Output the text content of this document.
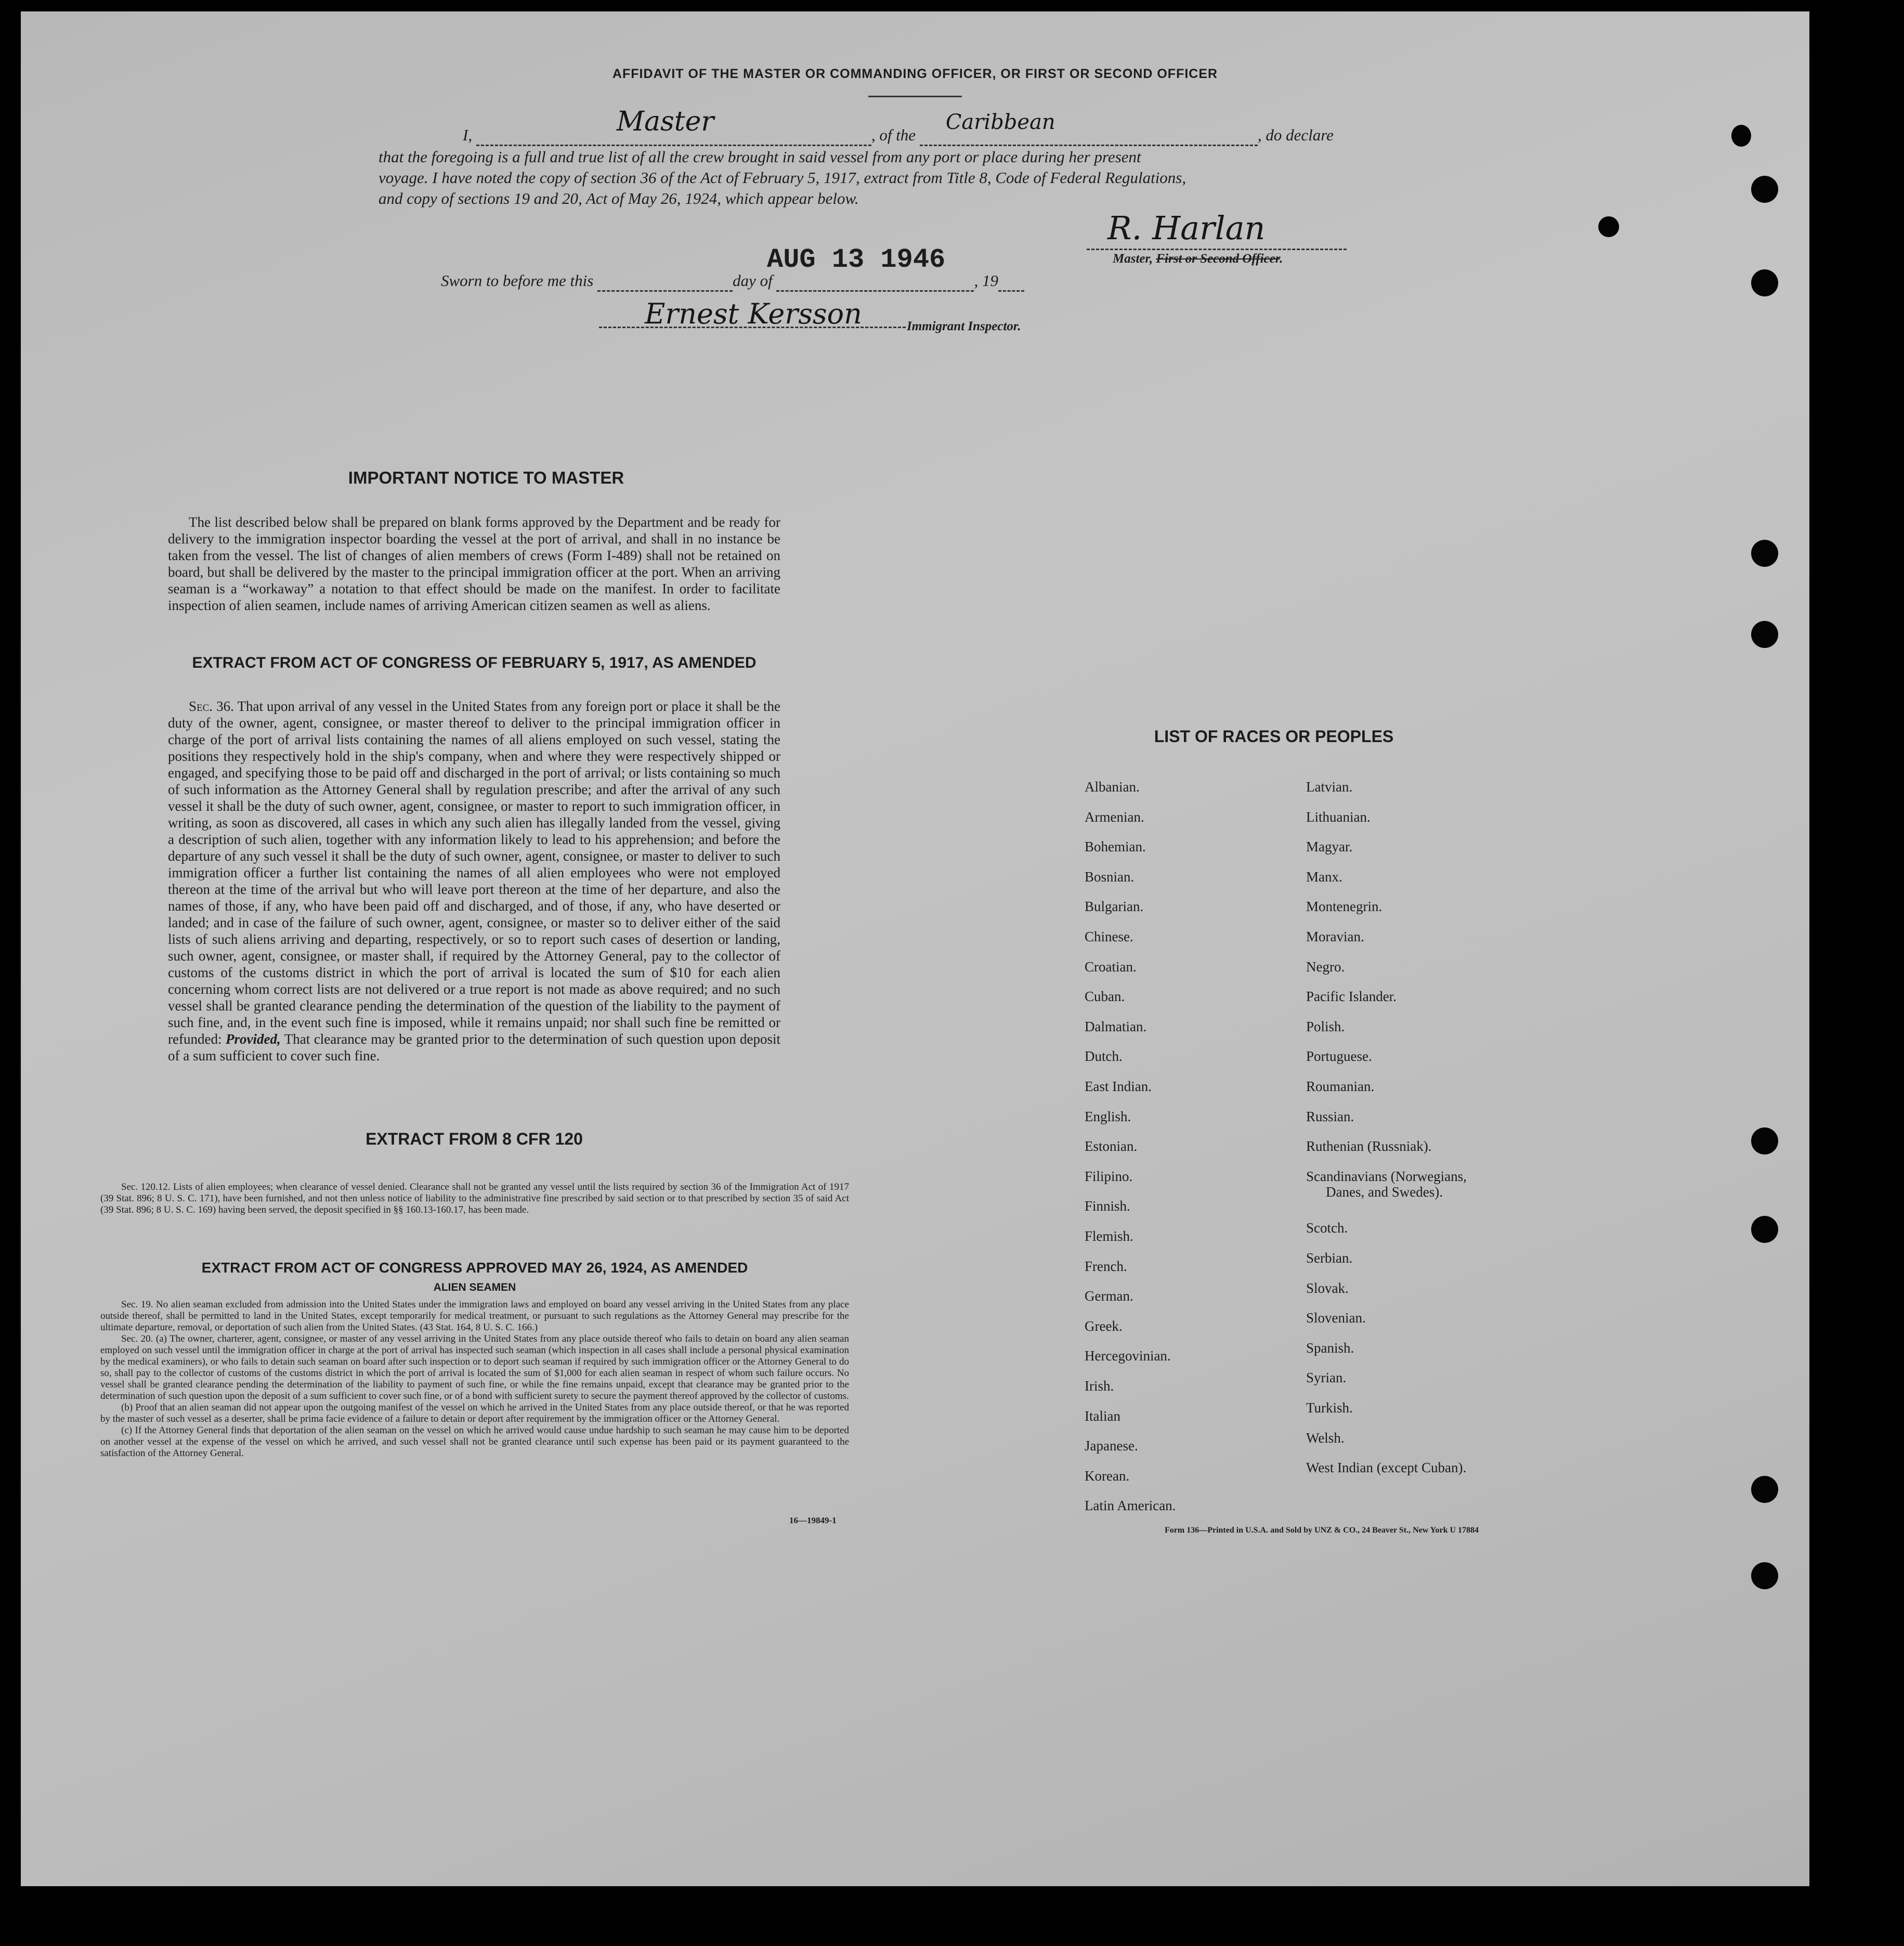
AFFIDAVIT OF THE MASTER OR COMMANDING OFFICER, OR FIRST OR SECOND OFFICER
I,	Master	, of the
Caribbean
, do declare
that the foregoing is a full and true list of all the crew brought in said vessel from any port or place during her present
voyage. I have noted the copy of section 36 of the Act of February 5, 1917, extract from Title 8, Code of Federal Regulations,
and copy of sections 19 and 20, Act of May 26, 1924, which appear below.
R. Harlan
Master, First or Second Officer.
AUG 13 1946
Sworn to before me this	day of	, 19
Ernest Kersson	Immigrant Inspector.
IMPORTANT NOTICE TO MASTER
The list described below shall be prepared on blank forms approved by the Department and be ready for delivery to the immigration inspector boarding the vessel at the port of arrival, and shall in no instance be taken from the vessel. The list of changes of alien members of crews (Form I-489) shall not be retained on board, but shall be delivered by the master to the principal immigration officer at the port. When an arriving seaman is a “workaway” a notation to that effect should be made on the manifest. In order to facilitate inspection of alien seamen, include names of arriving American citizen seamen as well as aliens.
EXTRACT FROM ACT OF CONGRESS OF FEBRUARY 5, 1917, AS AMENDED
Sec. 36. That upon arrival of any vessel in the United States from any foreign port or place it shall be the duty of the owner, agent, consignee, or master thereof to deliver to the principal immigration officer in charge of the port of arrival lists containing the names of all aliens employed on such vessel, stating the positions they respectively hold in the ship's company, when and where they were respectively shipped or engaged, and specifying those to be paid off and discharged in the port of arrival; or lists containing so much of such information as the Attorney General shall by regulation prescribe; and after the arrival of any such vessel it shall be the duty of such owner, agent, consignee, or master to report to such immigration officer, in writing, as soon as discovered, all cases in which any such alien has illegally landed from the vessel, giving a description of such alien, together with any information likely to lead to his apprehension; and before the departure of any such vessel it shall be the duty of such owner, agent, consignee, or master to deliver to such immigration officer a further list containing the names of all alien employees who were not employed thereon at the time of the arrival but who will leave port thereon at the time of her departure, and also the names of those, if any, who have been paid off and discharged, and of those, if any, who have deserted or landed; and in case of the failure of such owner, agent, consignee, or master so to deliver either of the said lists of such aliens arriving and departing, respectively, or so to report such cases of desertion or landing, such owner, agent, consignee, or master shall, if required by the Attorney General, pay to the collector of customs of the customs district in which the port of arrival is located the sum of $10 for each alien concerning whom correct lists are not delivered or a true report is not made as above required; and no such vessel shall be granted clearance pending the determination of the question of the liability to the payment of such fine, and, in the event such fine is imposed, while it remains unpaid; nor shall such fine be remitted or refunded: Provided, That clearance may be granted prior to the determination of such question upon deposit of a sum sufficient to cover such fine.
EXTRACT FROM 8 CFR 120
Sec. 120.12. Lists of alien employees; when clearance of vessel denied. Clearance shall not be granted any vessel until the lists required by section 36 of the Immigration Act of 1917 (39 Stat. 896; 8 U. S. C. 171), have been furnished, and not then unless notice of liability to the administrative fine prescribed by said section or to that prescribed by section 35 of said Act (39 Stat. 896; 8 U. S. C. 169) having been served, the deposit specified in §§ 160.13-160.17, has been made.
EXTRACT FROM ACT OF CONGRESS APPROVED MAY 26, 1924, AS AMENDED
ALIEN SEAMEN
Sec. 19. No alien seaman excluded from admission into the United States under the immigration laws and employed on board any vessel arriving in the United States from any place outside thereof, shall be permitted to land in the United States, except temporarily for medical treatment, or pursuant to such regulations as the Attorney General may prescribe for the ultimate departure, removal, or deportation of such alien from the United States. (43 Stat. 164, 8 U. S. C. 166.)
Sec. 20. (a) The owner, charterer, agent, consignee, or master of any vessel arriving in the United States from any place outside thereof who fails to detain on board any alien seaman employed on such vessel until the immigration officer in charge at the port of arrival has inspected such seaman (which inspection in all cases shall include a personal physical examination by the medical examiners), or who fails to detain such seaman on board after such inspection or to deport such seaman if required by such immigration officer or the Attorney General to do so, shall pay to the collector of customs of the customs district in which the port of arrival is located the sum of $1,000 for each alien seaman in respect of whom such failure occurs. No vessel shall be granted clearance pending the determination of the liability to payment of such fine, or while the fine remains unpaid, except that clearance may be granted prior to the determination of such question upon the deposit of a sum sufficient to cover such fine, or of a bond with sufficient surety to secure the payment thereof approved by the collector of customs.
(b) Proof that an alien seaman did not appear upon the outgoing manifest of the vessel on which he arrived in the United States from any place outside thereof, or that he was reported by the master of such vessel as a deserter, shall be prima facie evidence of a failure to detain or deport after requirement by the immigration officer or the Attorney General.
(c) If the Attorney General finds that deportation of the alien seaman on the vessel on which he arrived would cause undue hardship to such seaman he may cause him to be deported on another vessel at the expense of the vessel on which he arrived, and such vessel shall not be granted clearance until such expense has been paid or its payment guaranteed to the satisfaction of the Attorney General.
16—19849-1
LIST OF RACES OR PEOPLES
Albanian.
Armenian.
Bohemian.
Bosnian.
Bulgarian.
Chinese.
Croatian.
Cuban.
Dalmatian.
Dutch.
East Indian.
English.
Estonian.
Filipino.
Finnish.
Flemish.
French.
German.
Greek.
Hercegovinian.
Irish.
Italian
Japanese.
Korean.
Latin American.
Latvian.
Lithuanian.
Magyar.
Manx.
Montenegrin.
Moravian.
Negro.
Pacific Islander.
Polish.
Portuguese.
Roumanian.
Russian.
Ruthenian (Russniak).
Scandinavians (Norwegians,
Danes, and Swedes).
Scotch.
Serbian.
Slovak.
Slovenian.
Spanish.
Syrian.
Turkish.
Welsh.
West Indian (except Cuban).
Form 136—Printed in U.S.A. and Sold by UNZ & CO., 24 Beaver St., New York U 17884
